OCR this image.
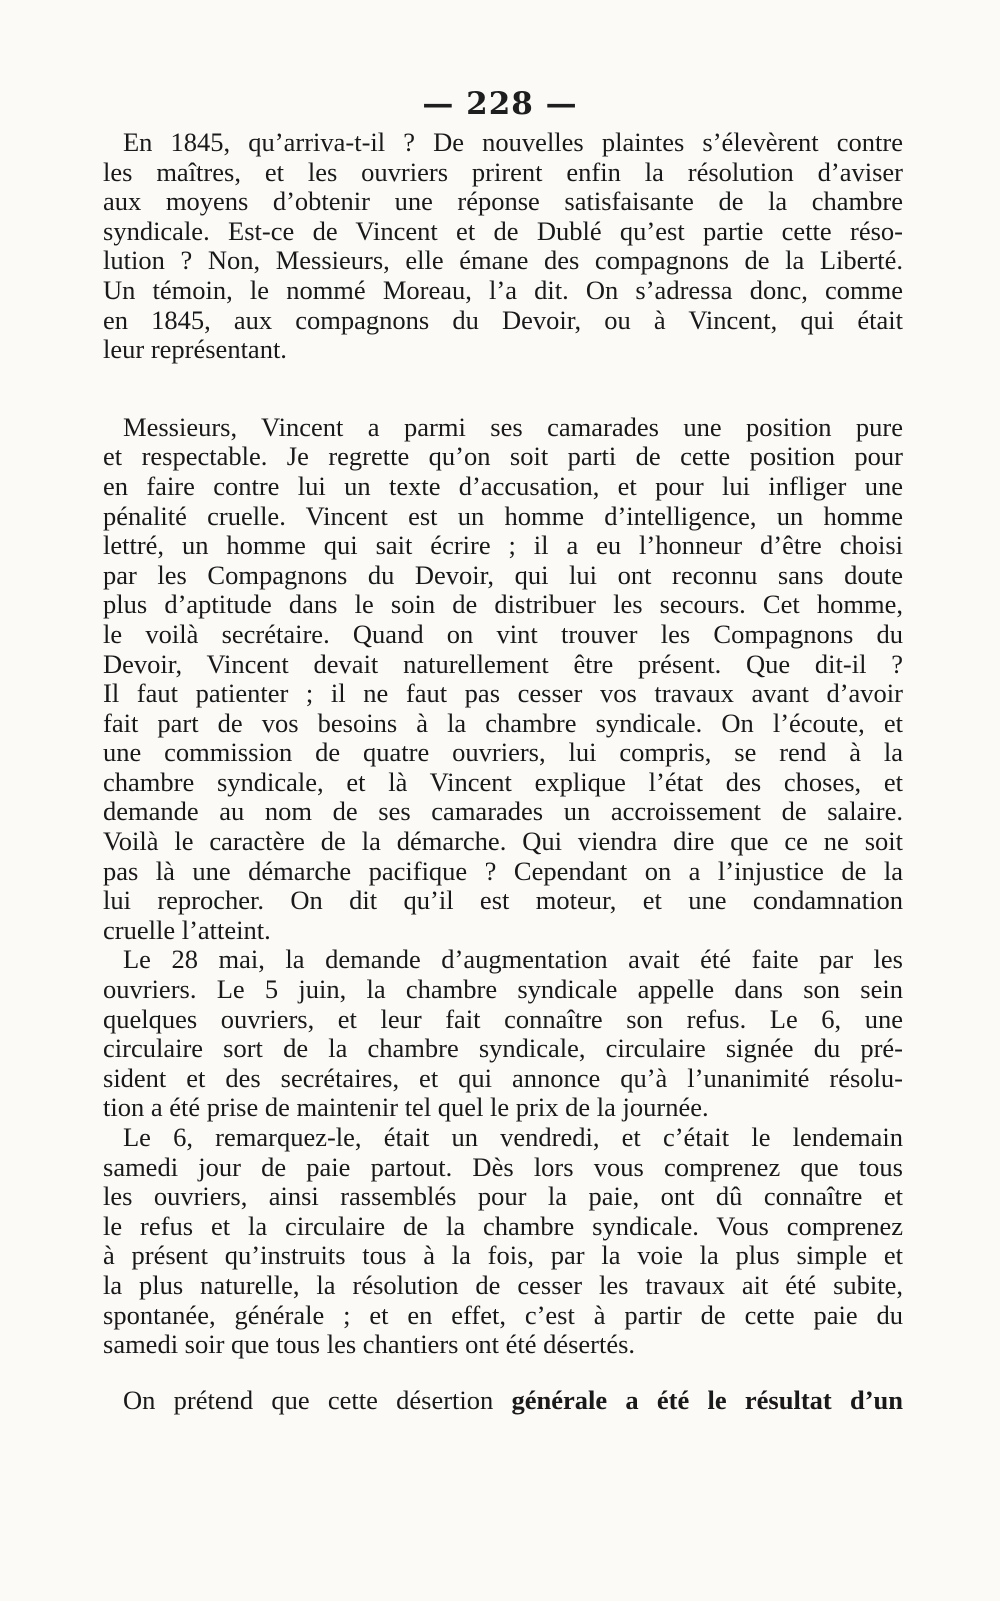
— 228 —
En 1845, qu’arriva-t-il ? De nouvelles plaintes s’élevèrent contre
les maîtres, et les ouvriers prirent enfin la résolution d’aviser
aux moyens d’obtenir une réponse satisfaisante de la chambre
syndicale. Est-ce de Vincent et de Dublé qu’est partie cette réso-
lution ? Non, Messieurs, elle émane des compagnons de la Liberté.
Un témoin, le nommé Moreau, l’a dit. On s’adressa donc, comme
en 1845, aux compagnons du Devoir, ou à Vincent, qui était
leur représentant.
Messieurs, Vincent a parmi ses camarades une position pure
et respectable. Je regrette qu’on soit parti de cette position pour
en faire contre lui un texte d’accusation, et pour lui infliger une
pénalité cruelle. Vincent est un homme d’intelligence, un homme
lettré, un homme qui sait écrire ; il a eu l’honneur d’être choisi
par les Compagnons du Devoir, qui lui ont reconnu sans doute
plus d’aptitude dans le soin de distribuer les secours. Cet homme,
le voilà secrétaire. Quand on vint trouver les Compagnons du
Devoir, Vincent devait naturellement être présent. Que dit-il ?
Il faut patienter ; il ne faut pas cesser vos travaux avant d’avoir
fait part de vos besoins à la chambre syndicale. On l’écoute, et
une commission de quatre ouvriers, lui compris, se rend à la
chambre syndicale, et là Vincent explique l’état des choses, et
demande au nom de ses camarades un accroissement de salaire.
Voilà le caractère de la démarche. Qui viendra dire que ce ne soit
pas là une démarche pacifique ? Cependant on a l’injustice de la
lui reprocher. On dit qu’il est moteur, et une condamnation
cruelle l’atteint.
Le 28 mai, la demande d’augmentation avait été faite par les
ouvriers. Le 5 juin, la chambre syndicale appelle dans son sein
quelques ouvriers, et leur fait connaître son refus. Le 6, une
circulaire sort de la chambre syndicale, circulaire signée du pré-
sident et des secrétaires, et qui annonce qu’à l’unanimité résolu-
tion a été prise de maintenir tel quel le prix de la journée.
Le 6, remarquez-le, était un vendredi, et c’était le lendemain
samedi jour de paie partout. Dès lors vous comprenez que tous
les ouvriers, ainsi rassemblés pour la paie, ont dû connaître et
le refus et la circulaire de la chambre syndicale. Vous comprenez
à présent qu’instruits tous à la fois, par la voie la plus simple et
la plus naturelle, la résolution de cesser les travaux ait été subite,
spontanée, générale ; et en effet, c’est à partir de cette paie du
samedi soir que tous les chantiers ont été désertés.
On prétend que cette désertion générale a été le résultat d’un
